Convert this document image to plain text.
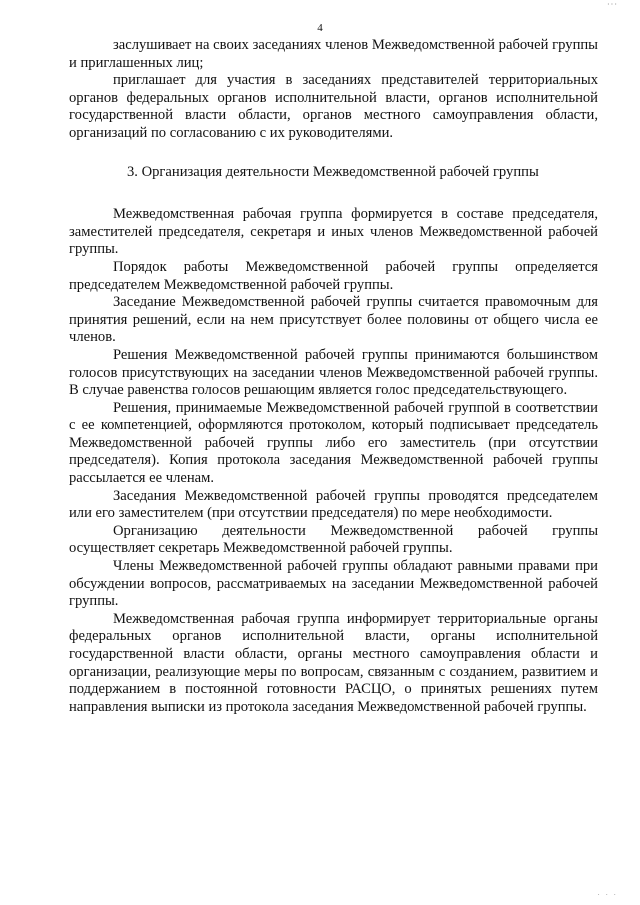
···
4

заслушивает на своих заседаниях членов Межведомственной рабочей группы и приглашенных лиц;

приглашает для участия в заседаниях представителей территориальных органов федеральных органов исполнительной власти, органов исполнительной государственной власти области, органов местного самоуправления области, организаций по согласованию с их руководителями.

3. Организация деятельности Межведомственной рабочей группы

Межведомственная рабочая группа формируется в составе председателя, заместителей председателя, секретаря и иных членов Межведомственной рабочей группы.

Порядок работы Межведомственной рабочей группы определяется председателем Межведомственной рабочей группы.

Заседание Межведомственной рабочей группы считается правомочным для принятия решений, если на нем присутствует более половины от общего числа ее членов.

Решения Межведомственной рабочей группы принимаются большинством голосов присутствующих на заседании членов Межведомственной рабочей группы. В случае равенства голосов решающим является голос председательствующего.

Решения, принимаемые Межведомственной рабочей группой в соответствии с ее компетенцией, оформляются протоколом, который подписывает председатель Межведомственной рабочей группы либо его заместитель (при отсутствии председателя). Копия протокола заседания Межведомственной рабочей группы рассылается ее членам.

Заседания Межведомственной рабочей группы проводятся председателем или его заместителем (при отсутствии председателя) по мере необходимости.

Организацию деятельности Межведомственной рабочей группы осуществляет секретарь Межведомственной рабочей группы.

Члены Межведомственной рабочей группы обладают равными правами при обсуждении вопросов, рассматриваемых на заседании Межведомственной рабочей группы.

Межведомственная рабочая группа информирует территориальные органы федеральных органов исполнительной власти, органы исполнительной государственной власти области, органы местного самоуправления области и организации, реализующие меры по вопросам, связанным с созданием, развитием и поддержанием в постоянной готовности РАСЦО, о принятых решениях путем направления выписки из протокола заседания Межведомственной рабочей группы.

· · ·
